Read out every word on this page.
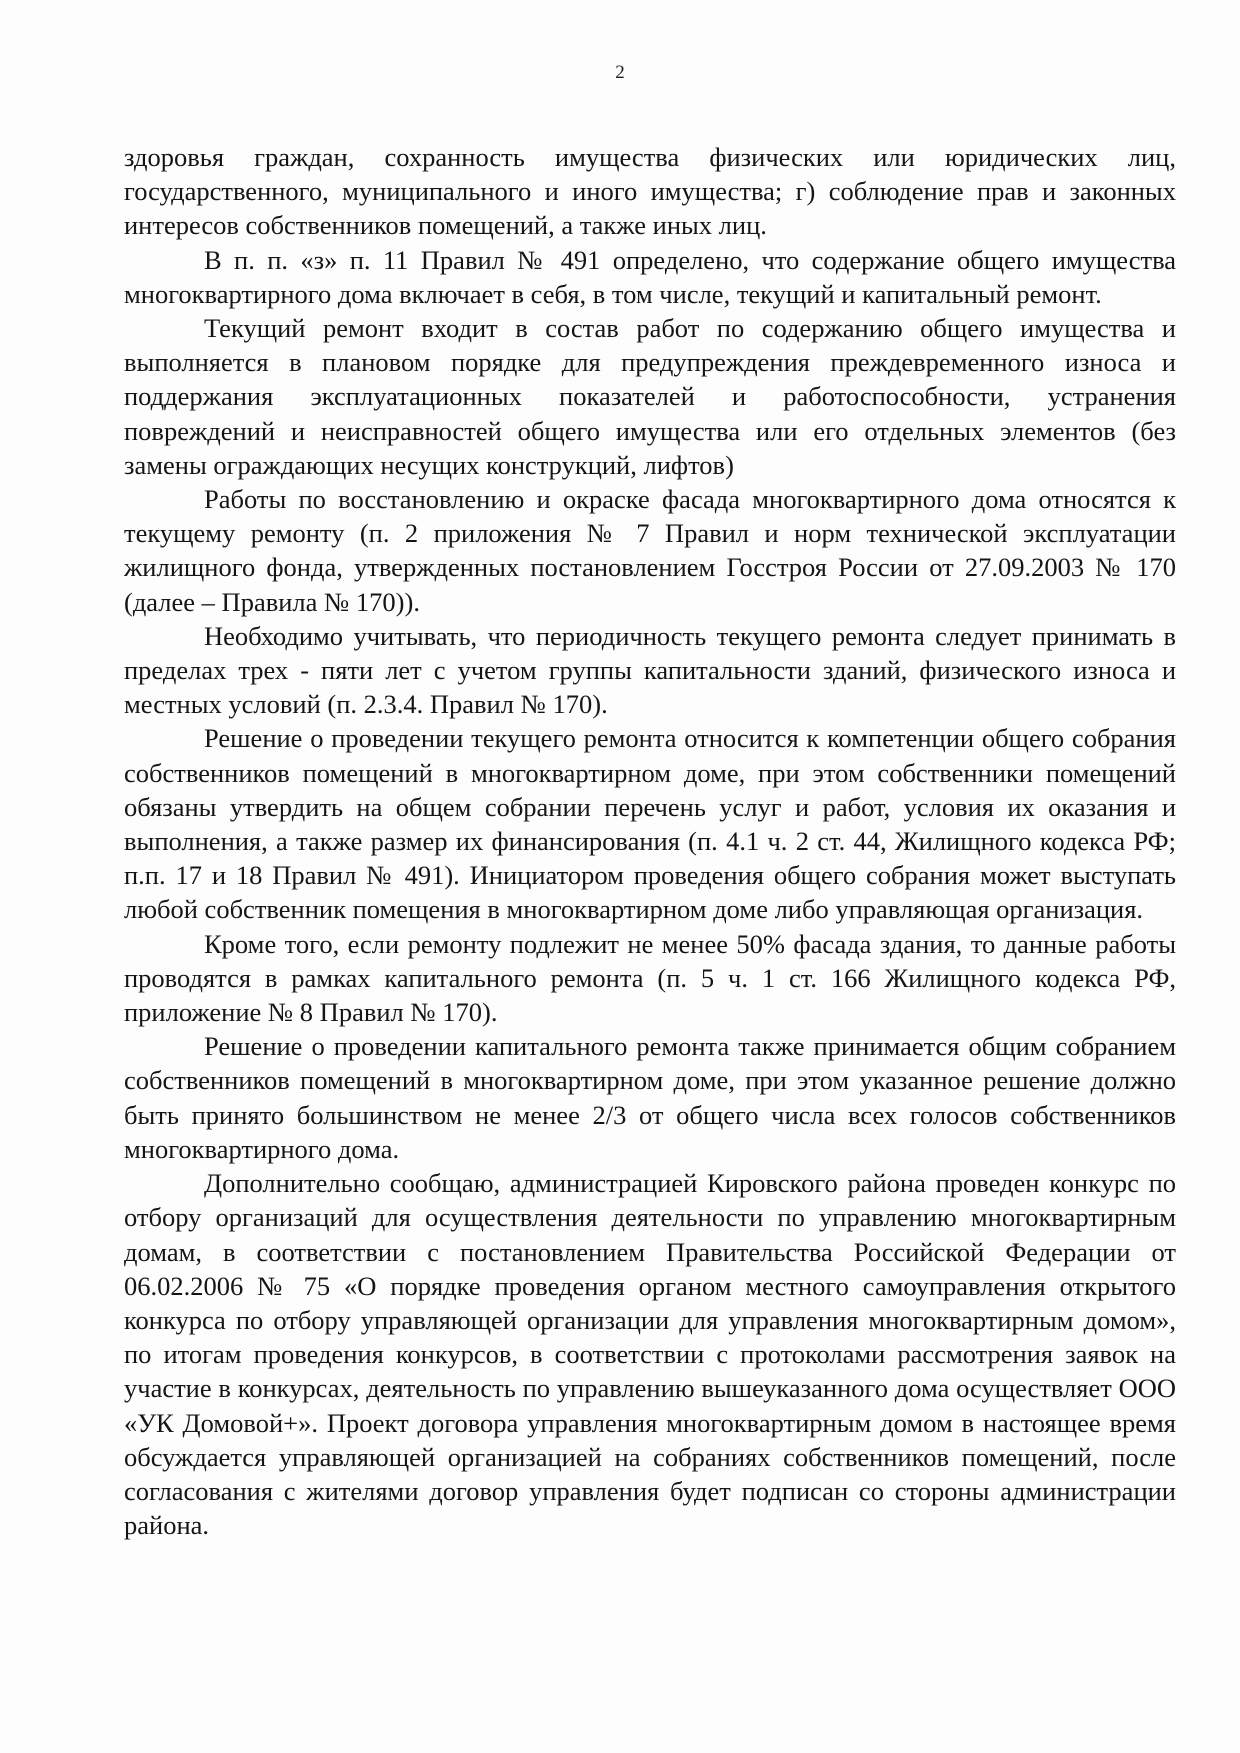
2

здоровья граждан, сохранность имущества физических или юридических лиц, государственного, муниципального и иного имущества; г) соблюдение прав и законных интересов собственников помещений, а также иных лиц.

В п. п. «з» п. 11 Правил № 491 определено, что содержание общего имущества многоквартирного дома включает в себя, в том числе, текущий и капитальный ремонт.

Текущий ремонт входит в состав работ по содержанию общего имущества и выполняется в плановом порядке для предупреждения преждевременного износа и поддержания эксплуатационных показателей и работоспособности, устранения повреждений и неисправностей общего имущества или его отдельных элементов (без замены ограждающих несущих конструкций, лифтов)

Работы по восстановлению и окраске фасада многоквартирного дома относятся к текущему ремонту (п. 2 приложения № 7 Правил и норм технической эксплуатации жилищного фонда, утвержденных постановлением Госстроя России от 27.09.2003 № 170 (далее – Правила № 170)).

Необходимо учитывать, что периодичность текущего ремонта следует принимать в пределах трех - пяти лет с учетом группы капитальности зданий, физического износа и местных условий (п. 2.3.4. Правил № 170).

Решение о проведении текущего ремонта относится к компетенции общего собрания собственников помещений в многоквартирном доме, при этом собственники помещений обязаны утвердить на общем собрании перечень услуг и работ, условия их оказания и выполнения, а также размер их финансирования (п. 4.1 ч. 2 ст. 44, Жилищного кодекса РФ; п.п. 17 и 18 Правил № 491). Инициатором проведения общего собрания может выступать любой собственник помещения в многоквартирном доме либо управляющая организация.

Кроме того, если ремонту подлежит не менее 50% фасада здания, то данные работы проводятся в рамках капитального ремонта (п. 5 ч. 1 ст. 166 Жилищного кодекса РФ, приложение № 8 Правил № 170).

Решение о проведении капитального ремонта также принимается общим собранием собственников помещений в многоквартирном доме, при этом указанное решение должно быть принято большинством не менее 2/3 от общего числа всех голосов собственников многоквартирного дома.

Дополнительно сообщаю, администрацией Кировского района проведен конкурс по отбору организаций для осуществления деятельности по управлению многоквартирным домам, в соответствии с постановлением Правительства Российской Федерации от 06.02.2006 № 75 «О порядке проведения органом местного самоуправления открытого конкурса по отбору управляющей организации для управления многоквартирным домом», по итогам проведения конкурсов, в соответствии с протоколами рассмотрения заявок на участие в конкурсах, деятельность по управлению вышеуказанного дома осуществляет ООО «УК Домовой+». Проект договора управления многоквартирным домом в настоящее время обсуждается управляющей организацией на собраниях собственников помещений, после согласования с жителями договор управления будет подписан со стороны администрации района.
